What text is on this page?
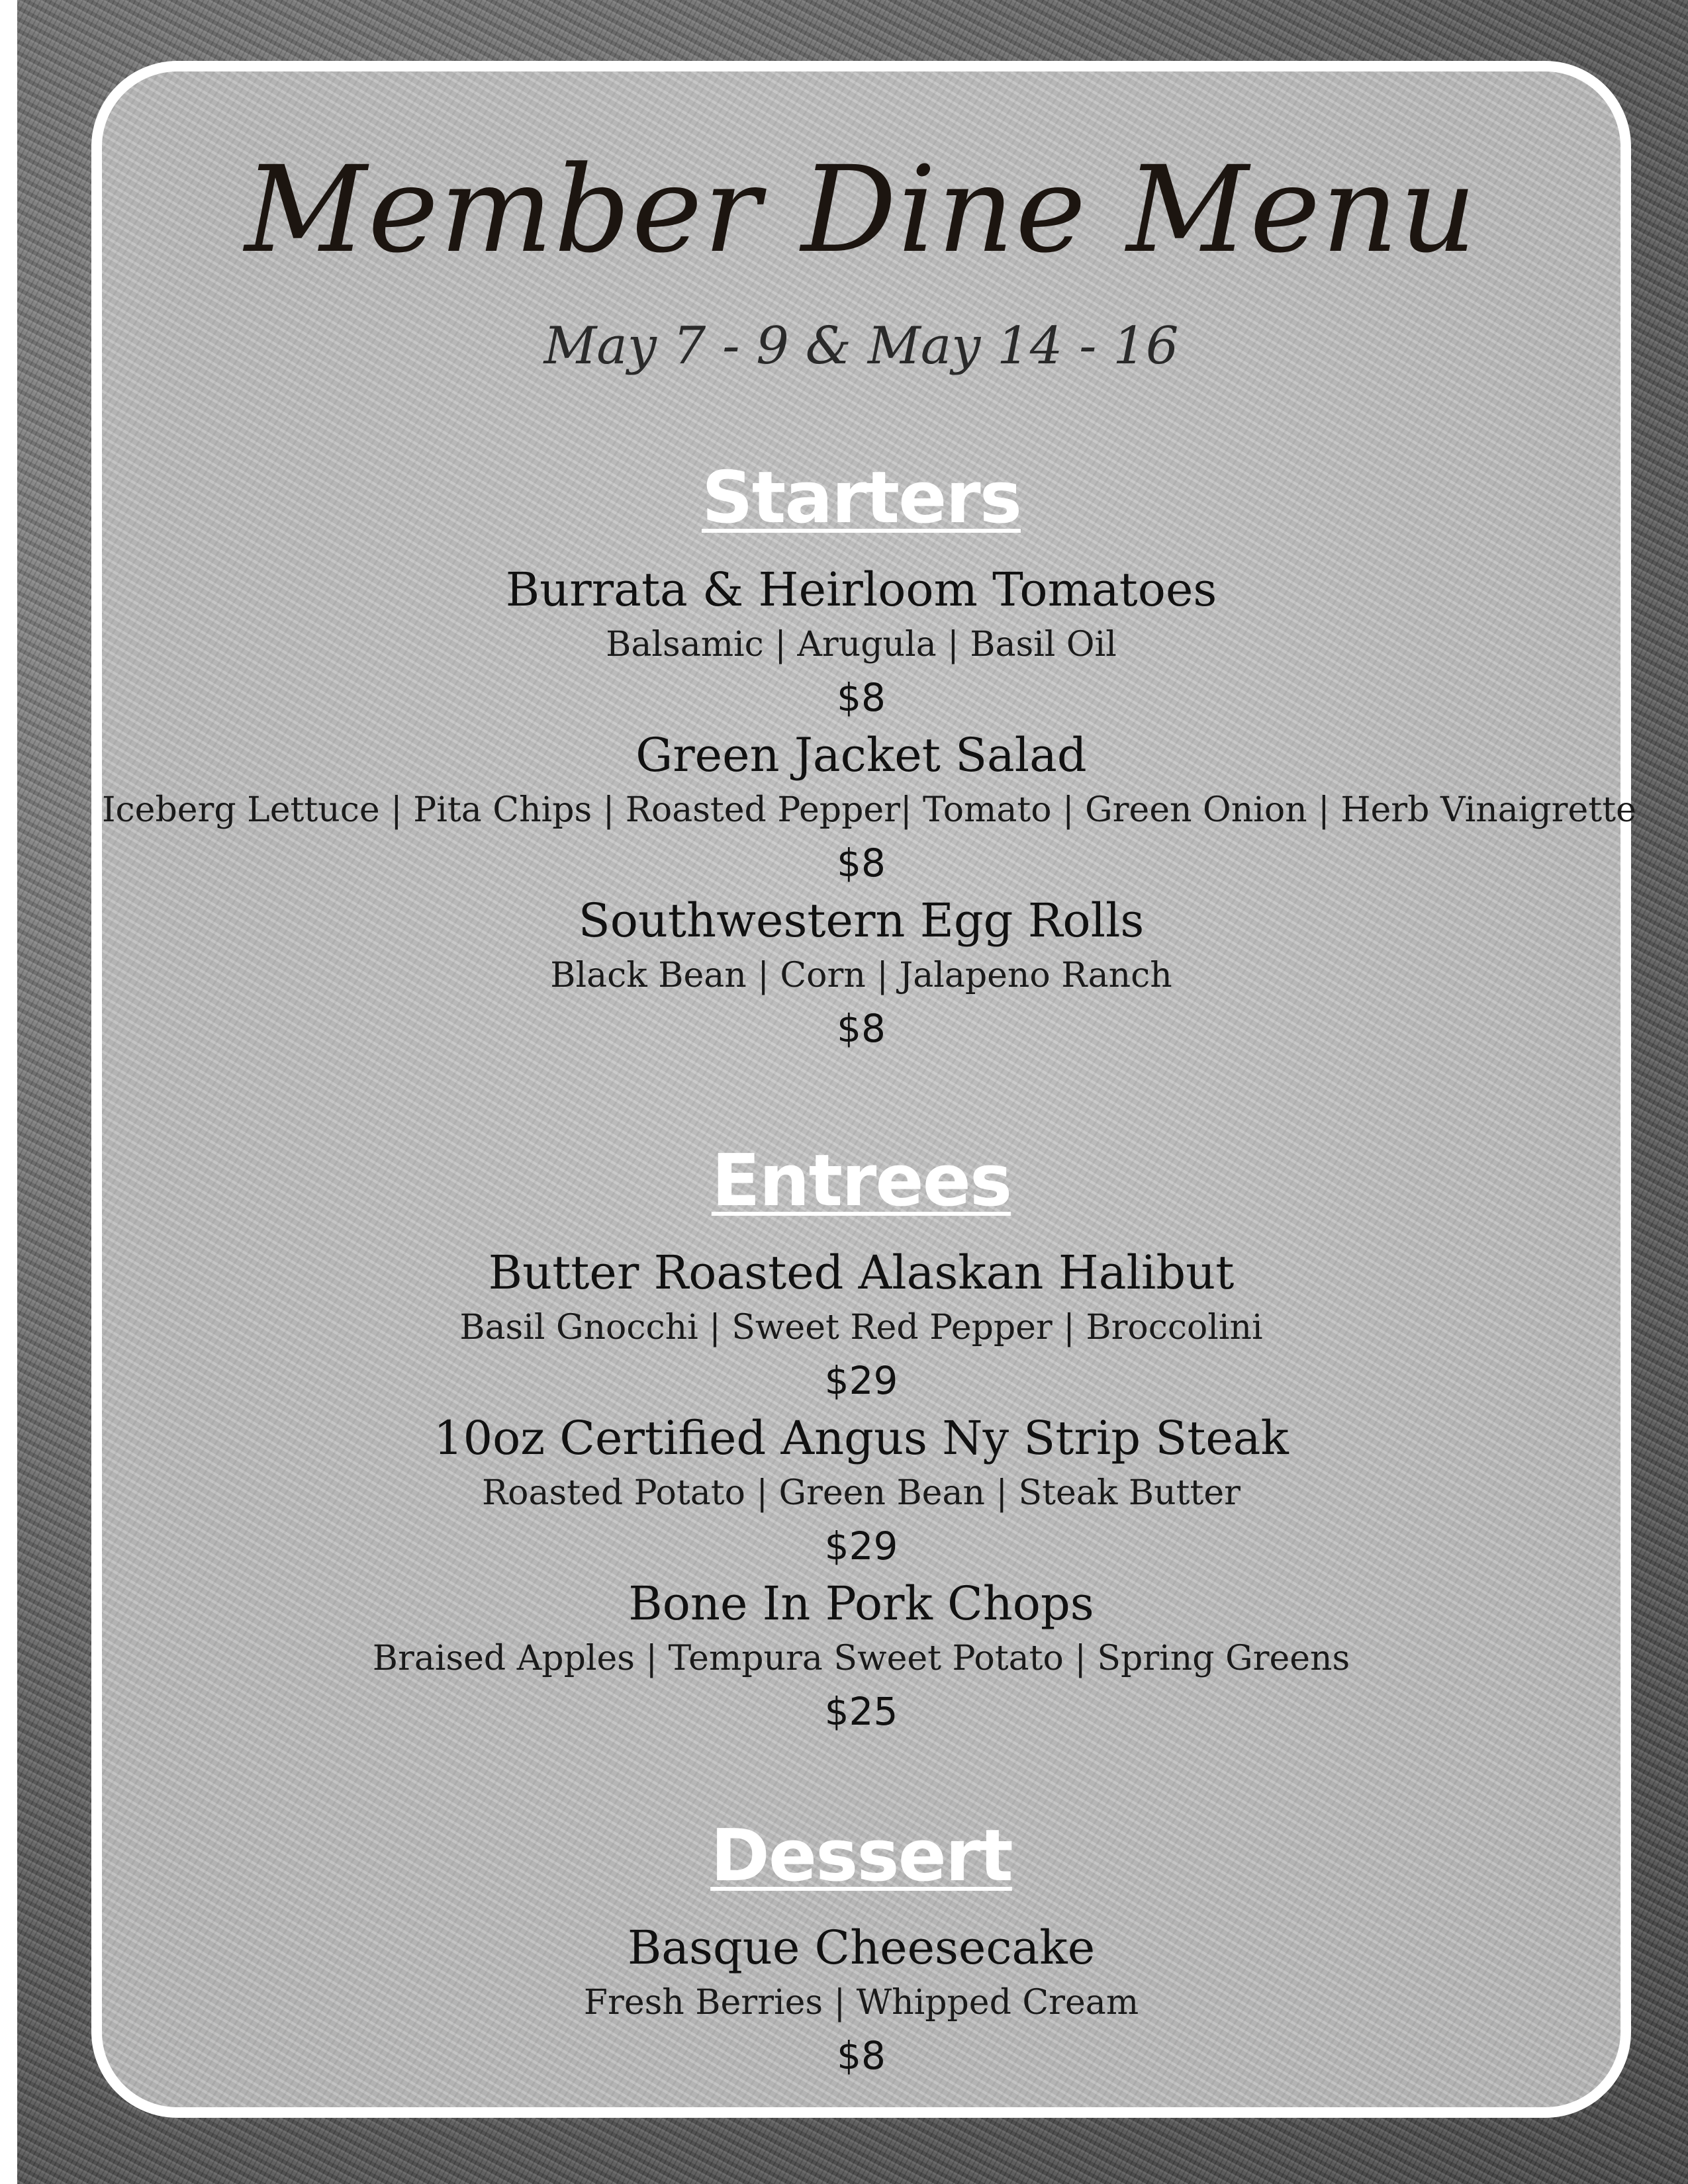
Member Dine Menu
May 7 - 9 & May 14 - 16
Starters
Burrata & Heirloom Tomatoes
Balsamic | Arugula | Basil Oil
$8
Green Jacket Salad
Iceberg Lettuce | Pita Chips | Roasted Pepper| Tomato | Green Onion | Herb Vinaigrette
$8
Southwestern Egg Rolls
Black Bean | Corn | Jalapeno Ranch
$8
Entrees
Butter Roasted Alaskan Halibut
Basil Gnocchi | Sweet Red Pepper | Broccolini
$29
10oz Certified Angus Ny Strip Steak
Roasted Potato | Green Bean | Steak Butter
$29
Bone In Pork Chops
Braised Apples | Tempura Sweet Potato | Spring Greens
$25
Dessert
Basque Cheesecake
Fresh Berries | Whipped Cream
$8
